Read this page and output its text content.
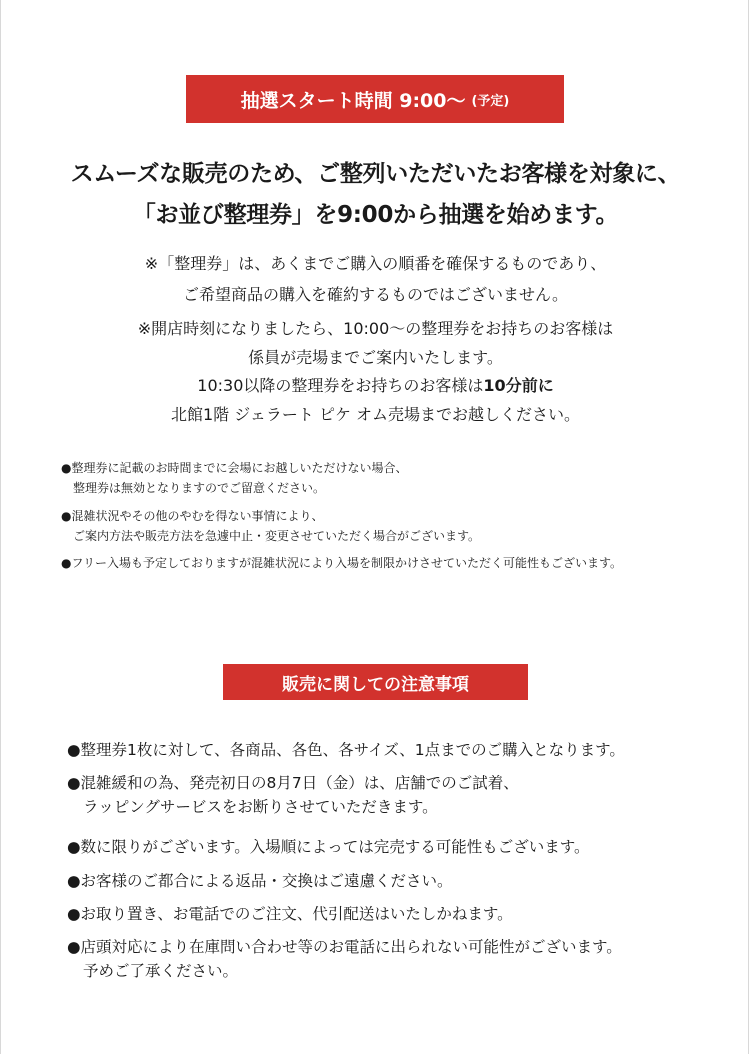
抽選スタート時間 9:00〜 (予定)
スムーズな販売のため、ご整列いただいたお客様を対象に、
「お並び整理券」を9:00から抽選を始めます。
※「整理券」は、あくまでご購入の順番を確保するものであり、
ご希望商品の購入を確約するものではございません。
※開店時刻になりましたら、10:00〜の整理券をお持ちのお客様は
係員が売場までご案内いたします。
10:30以降の整理券をお持ちのお客様は10分前に
北館1階 ジェラート ピケ オム売場までお越しください。
●整理券に記載のお時間までに会場にお越しいただけない場合、
整理券は無効となりますのでご留意ください。
●混雑状況やその他のやむを得ない事情により、
ご案内方法や販売方法を急遽中止・変更させていただく場合がございます。
●フリー入場も予定しておりますが混雑状況により入場を制限かけさせていただく可能性もございます。
販売に関しての注意事項
●整理券1枚に対して、各商品、各色、各サイズ、1点までのご購入となります。
●混雑緩和の為、発売初日の8月7日（金）は、店舗でのご試着、
ラッピングサービスをお断りさせていただきます。
●数に限りがございます。入場順によっては完売する可能性もございます。
●お客様のご都合による返品・交換はご遠慮ください。
●お取り置き、お電話でのご注文、代引配送はいたしかねます。
●店頭対応により在庫問い合わせ等のお電話に出られない可能性がございます。
予めご了承ください。
